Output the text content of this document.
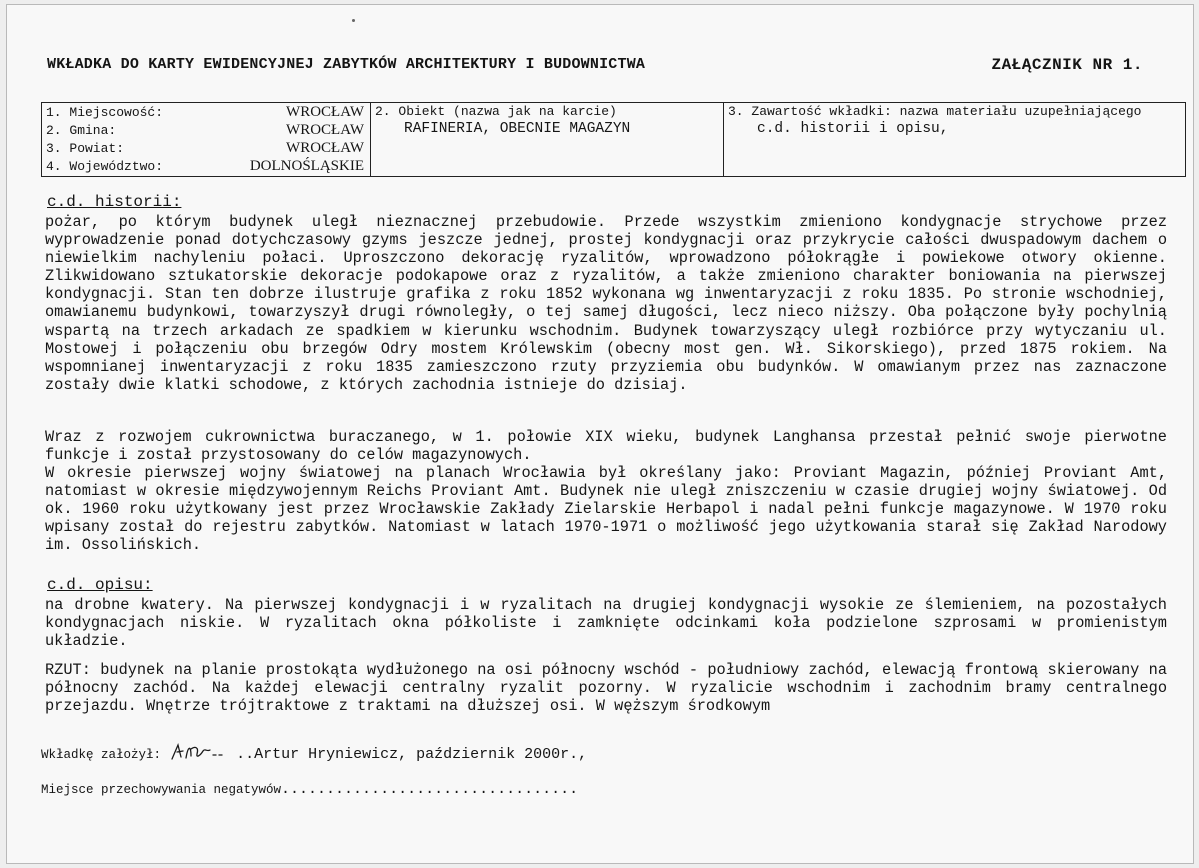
WKŁADKA DO KARTY EWIDENCYJNEJ ZABYTKÓW ARCHITEKTURY I BUDOWNICTWA	ZAŁĄCZNIK NR 1.
1. Miejscowość:	WROCŁAW
2. Gmina:	WROCŁAW
3. Powiat:	WROCŁAW
4. Województwo:	DOLNOŚLĄSKIE
2. Obiekt (nazwa jak na karcie)
RAFINERIA, OBECNIE MAGAZYN
3. Zawartość wkładki: nazwa materiału uzupełniającego
c.d. historii i opisu,
c.d. historii:

pożar, po którym budynek uległ nieznacznej przebudowie. Przede wszystkim zmieniono kondygnacje strychowe przez wyprowadzenie ponad dotychczasowy gzyms jeszcze jednej, prostej kondygnacji oraz przykrycie całości dwuspadowym dachem o niewielkim nachyleniu połaci. Uproszczono dekorację ryzalitów, wprowadzono półokrągłe i powiekowe otwory okienne. Zlikwidowano sztukatorskie dekoracje podokapowe oraz z ryzalitów, a także zmieniono charakter boniowania na pierwszej kondygnacji. Stan ten dobrze ilustruje grafika z roku 1852 wykonana wg inwentaryzacji z roku 1835. Po stronie wschodniej, omawianemu budynkowi, towarzyszył drugi równoległy, o tej samej długości, lecz nieco niższy. Oba połączone były pochylnią wspartą na trzech arkadach ze spadkiem w kierunku wschodnim. Budynek towarzyszący uległ rozbiórce przy wytyczaniu ul. Mostowej i połączeniu obu brzegów Odry mostem Królewskim (obecny most gen. Wł. Sikorskiego), przed 1875 rokiem. Na wspomnianej inwentaryzacji z roku 1835 zamieszczono rzuty przyziemia obu budynków. W omawianym przez nas zaznaczone zostały dwie klatki schodowe, z których zachodnia istnieje do dzisiaj.

Wraz z rozwojem cukrownictwa buraczanego, w 1. połowie XIX wieku, budynek Langhansa przestał pełnić swoje pierwotne funkcje i został przystosowany do celów magazynowych.

W okresie pierwszej wojny światowej na planach Wrocławia był określany jako: Proviant Magazin, później Proviant Amt, natomiast w okresie międzywojennym Reichs Proviant Amt. Budynek nie uległ zniszczeniu w czasie drugiej wojny światowej. Od ok. 1960 roku użytkowany jest przez Wrocławskie Zakłady Zielarskie Herbapol i nadal pełni funkcje magazynowe. W 1970 roku wpisany został do rejestru zabytków. Natomiast w latach 1970-1971 o możliwość jego użytkowania starał się Zakład Narodowy im. Ossolińskich.

c.d. opisu:

na drobne kwatery. Na pierwszej kondygnacji i w ryzalitach na drugiej kondygnacji wysokie ze ślemieniem, na pozostałych kondygnacjach niskie. W ryzalitach okna półkoliste i zamknięte odcinkami koła podzielone szprosami w promienistym układzie.

RZUT: budynek na planie prostokąta wydłużonego na osi północny wschód - południowy zachód, elewacją frontową skierowany na północny zachód. Na każdej elewacji centralny ryzalit pozorny. W ryzalicie wschodnim i zachodnim bramy centralnego przejazdu. Wnętrze trójtraktowe z traktami na dłuższej osi. W węższym środkowym

Wkładkę założył:	..Artur Hryniewicz, październik 2000r.,
Miejsce przechowywania negatywów.................................
